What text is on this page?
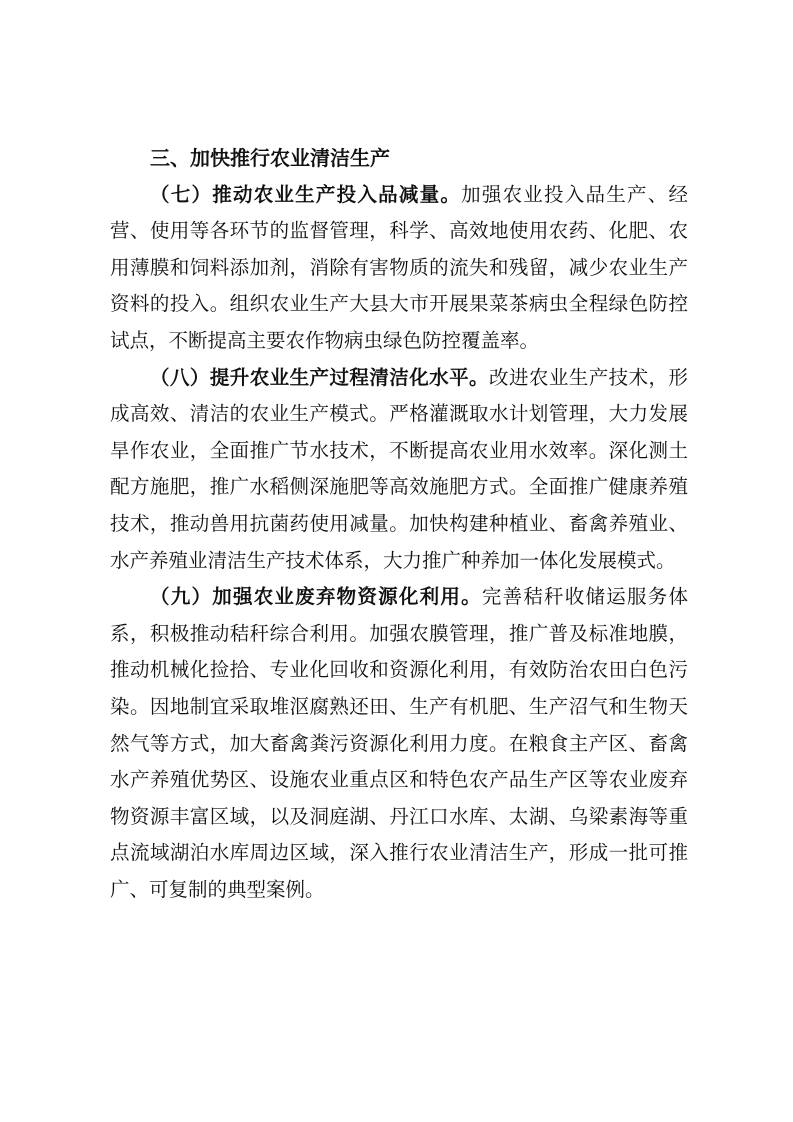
三、加快推行农业清洁生产

（七）推动农业生产投入品减量。加强农业投入品生产、经营、使用等各环节的监督管理，科学、高效地使用农药、化肥、农用薄膜和饲料添加剂，消除有害物质的流失和残留，减少农业生产资料的投入。组织农业生产大县大市开展果菜茶病虫全程绿色防控试点，不断提高主要农作物病虫绿色防控覆盖率。

（八）提升农业生产过程清洁化水平。改进农业生产技术，形成高效、清洁的农业生产模式。严格灌溉取水计划管理，大力发展旱作农业，全面推广节水技术，不断提高农业用水效率。深化测土配方施肥，推广水稻侧深施肥等高效施肥方式。全面推广健康养殖技术，推动兽用抗菌药使用减量。加快构建种植业、畜禽养殖业、水产养殖业清洁生产技术体系，大力推广种养加一体化发展模式。

（九）加强农业废弃物资源化利用。完善秸秆收储运服务体系，积极推动秸秆综合利用。加强农膜管理，推广普及标准地膜，推动机械化捡拾、专业化回收和资源化利用，有效防治农田白色污染。因地制宜采取堆沤腐熟还田、生产有机肥、生产沼气和生物天然气等方式，加大畜禽粪污资源化利用力度。在粮食主产区、畜禽水产养殖优势区、设施农业重点区和特色农产品生产区等农业废弃物资源丰富区域，以及洞庭湖、丹江口水库、太湖、乌梁素海等重点流域湖泊水库周边区域，深入推行农业清洁生产，形成一批可推广、可复制的典型案例。
